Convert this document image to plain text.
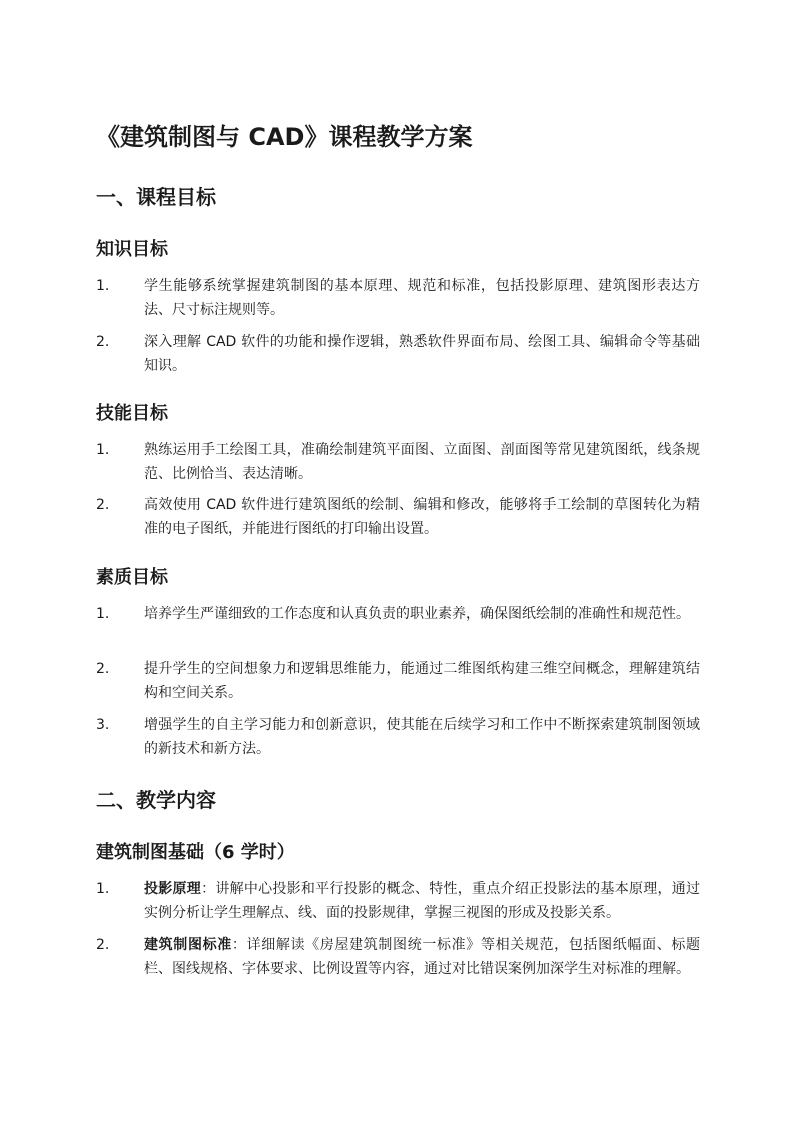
《建筑制图与 CAD》课程教学方案
一、课程目标
知识目标
1.	学生能够系统掌握建筑制图的基本原理、规范和标准，包括投影原理、建筑图形表达方法、尺寸标注规则等。
2.	深入理解 CAD 软件的功能和操作逻辑，熟悉软件界面布局、绘图工具、编辑命令等基础知识。
技能目标
1.	熟练运用手工绘图工具，准确绘制建筑平面图、立面图、剖面图等常见建筑图纸，线条规范、比例恰当、表达清晰。
2.	高效使用 CAD 软件进行建筑图纸的绘制、编辑和修改，能够将手工绘制的草图转化为精准的电子图纸，并能进行图纸的打印输出设置。
素质目标
1.	培养学生严谨细致的工作态度和认真负责的职业素养，确保图纸绘制的准确性和规范性。
2.	提升学生的空间想象力和逻辑思维能力，能通过二维图纸构建三维空间概念，理解建筑结构和空间关系。
3.	增强学生的自主学习能力和创新意识，使其能在后续学习和工作中不断探索建筑制图领域的新技术和新方法。
二、教学内容
建筑制图基础（6 学时）
1.	投影原理：讲解中心投影和平行投影的概念、特性，重点介绍正投影法的基本原理，通过实例分析让学生理解点、线、面的投影规律，掌握三视图的形成及投影关系。
2.	建筑制图标准：详细解读《房屋建筑制图统一标准》等相关规范，包括图纸幅面、标题栏、图线规格、字体要求、比例设置等内容，通过对比错误案例加深学生对标准的理解。
